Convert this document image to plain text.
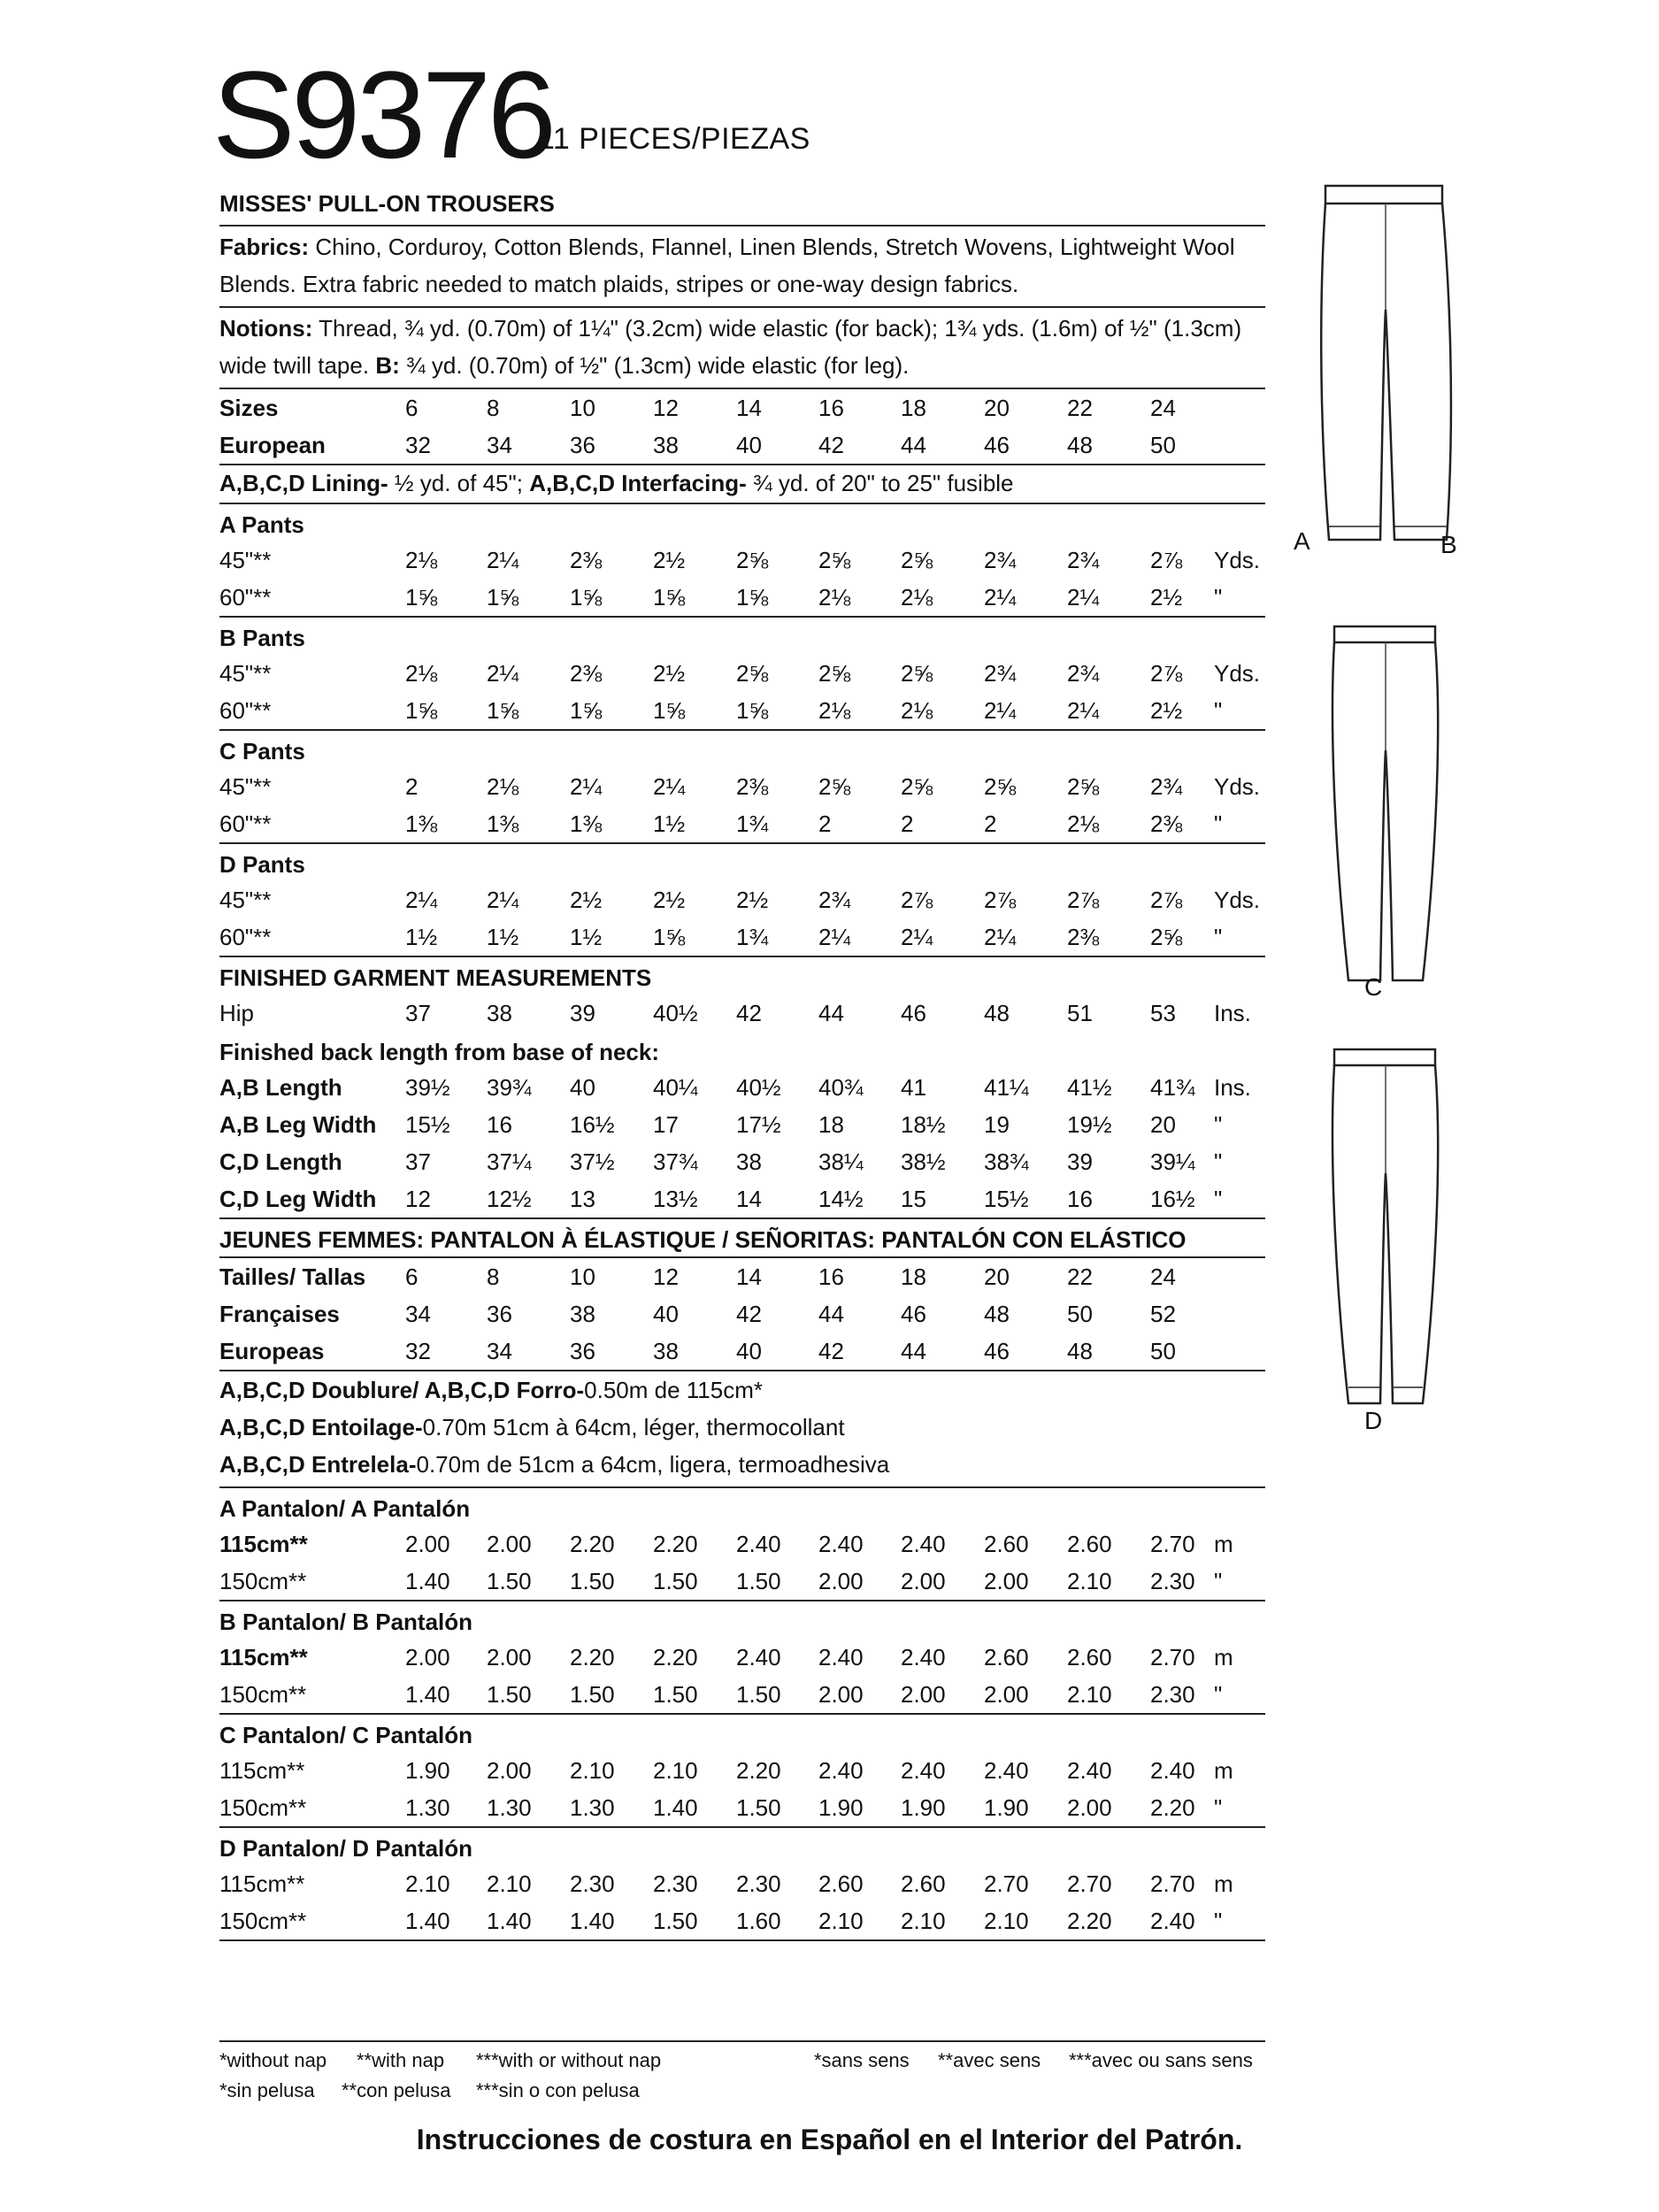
S9376
11 PIECES/PIEZAS
MISSES' PULL-ON TROUSERS
Fabrics: Chino, Corduroy, Cotton Blends, Flannel, Linen Blends, Stretch Wovens, Lightweight Wool Blends. Extra fabric needed to match plaids, stripes or one-way design fabrics.
Notions: Thread, ¾ yd. (0.70m) of 1¼" (3.2cm) wide elastic (for back); 1¾ yds. (1.6m) of ½" (1.3cm) wide twill tape. B: ¾ yd. (0.70m) of ½" (1.3cm) wide elastic (for leg).
Sizes	6	8	10	12	14 16 18	20	22	24
European	32 34	36	38	40 42 44	46	48	50
A,B,C,D Lining- ½ yd. of 45"; A,B,C,D Interfacing- ¾ yd. of 20" to 25" fusible
A Pants
45"**	2⅛ 2¼ 2⅜ 2½ 2⅝ 2⅝ 2⅝ 2¾ 2¾ 2⅞ Yds.
60"**	1⅝ 1⅝ 1⅝ 1⅝ 1⅝ 2⅛ 2⅛ 2¼ 2¼ 2½ "
B Pants
45"**	2⅛ 2¼ 2⅜ 2½ 2⅝ 2⅝ 2⅝ 2¾ 2¾ 2⅞ Yds.
60"**	1⅝ 1⅝ 1⅝ 1⅝ 1⅝ 2⅛ 2⅛ 2¼ 2¼ 2½ "
C Pants
45"**	2	2⅛ 2¼ 2¼ 2⅜ 2⅝ 2⅝ 2⅝ 2⅝ 2¾ Yds.
60"**	1⅜ 1⅜ 1⅜ 1½ 1¾ 2	2	2	2⅛ 2⅜ "
D Pants
45"**	2¼ 2¼ 2½ 2½ 2½ 2¾ 2⅞ 2⅞ 2⅞ 2⅞ Yds.
60"**	1½ 1½ 1½ 1⅝ 1¾ 2¼ 2¼ 2¼ 2⅜ 2⅝ "
FINISHED GARMENT MEASUREMENTS
Hip	37 38	39	40½ 42 44 46	48	51	53 Ins.
Finished back length from base of neck:
A,B Length	39½ 39¾ 40	40¼ 40½ 40¾ 41	41¼ 41½ 41¾ Ins.
A,B Leg Width 15½ 16	16½ 17	17½ 18 18½ 19	19½ 20 "
C,D Length	37 37¼ 37½ 37¾ 38 38¼ 38½ 38¾ 39	39¼ "
C,D Leg Width 12 12½ 13	13½ 14 14½ 15	15½ 16	16½ "
JEUNES FEMMES: PANTALON À ÉLASTIQUE / SEÑORITAS: PANTALÓN CON ELÁSTICO
Tailles/ Tallas 6	8	10	12	14 16 18	20	22	24
Françaises	34 36	38	40	42 44 46	48	50	52
Europeas	32 34	36	38	40 42 44	46	48	50
A,B,C,D Doublure/ A,B,C,D Forro- 0.50m de 115cm*
A,B,C,D Entoilage- 0.70m 51cm à 64cm, léger, thermocollant
A,B,C,D Entrelela- 0.70m de 51cm a 64cm, ligera, termoadhesiva
A Pantalon/ A Pantalón
115cm**	2.00 2.00 2.20 2.20 2.40 2.40 2.40 2.60 2.60 2.70 m
150cm**	1.40 1.50 1.50 1.50 1.50 2.00 2.00 2.00 2.10 2.30 "
B Pantalon/ B Pantalón
115cm**	2.00 2.00 2.20 2.20 2.40 2.40 2.40 2.60 2.60 2.70 m
150cm**	1.40 1.50 1.50 1.50 1.50 2.00 2.00 2.00 2.10 2.30 "
C Pantalon/ C Pantalón
115cm**	1.90 2.00 2.10 2.10 2.20 2.40 2.40 2.40 2.40 2.40 m
150cm**	1.30 1.30 1.30 1.40 1.50 1.90 1.90 1.90 2.00 2.20 "
D Pantalon/ D Pantalón
115cm**	2.10 2.10 2.30 2.30 2.30 2.60 2.60 2.70 2.70 2.70 m
150cm**	1.40 1.40 1.40 1.50 1.60 2.10 2.10 2.10 2.20 2.40 "
A	B
C
D
*without nap **with nap ***with or without nap	*sans sens **avec sens ***avec ou sans sens
*sin pelusa **con pelusa ***sin o con pelusa
Instrucciones de costura en Español en el Interior del Patrón.
